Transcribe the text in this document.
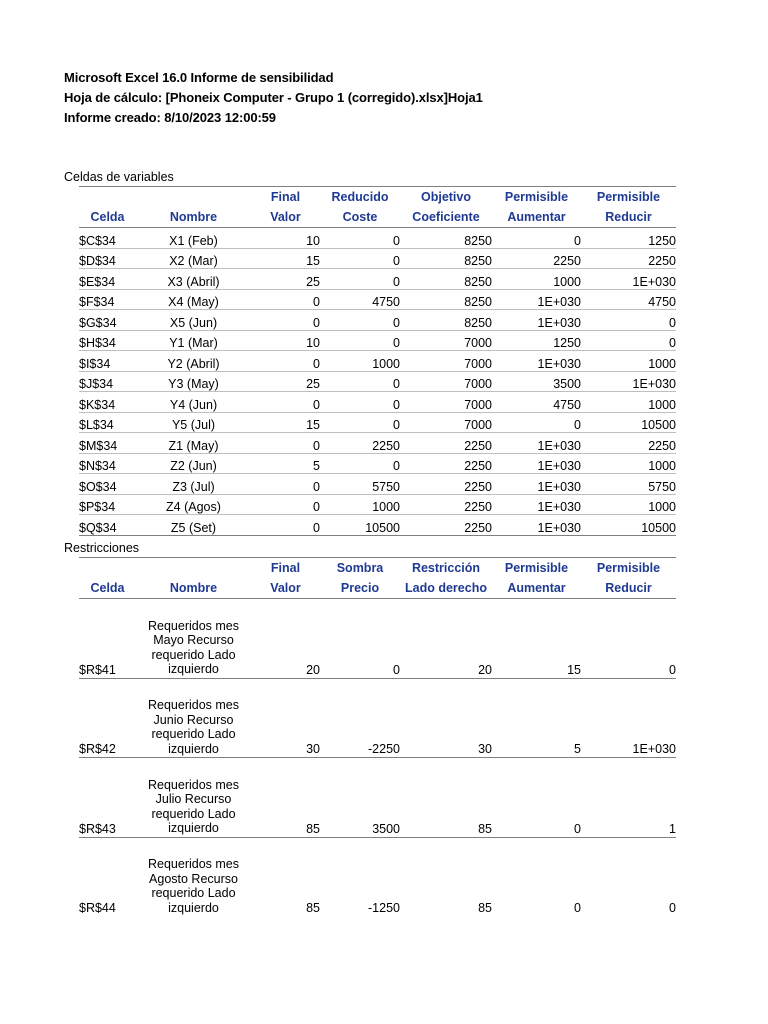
Microsoft Excel 16.0 Informe de sensibilidad
Hoja de cálculo: [Phoneix Computer - Grupo 1 (corregido).xlsx]Hoja1
Informe creado: 8/10/2023 12:00:59
Celdas de variables
		Final	Reducido	Objetivo	Permisible	Permisible
Celda	Nombre	Valor	Coste	Coeficiente	Aumentar	Reducir
$C$34	X1 (Feb)	10	0	8250	0	1250
$D$34	X2 (Mar)	15	0	8250	2250	2250
$E$34	X3 (Abril)	25	0	8250	1000	1E+030
$F$34	X4 (May)	0	4750	8250	1E+030	4750
$G$34	X5 (Jun)	0	0	8250	1E+030	0
$H$34	Y1 (Mar)	10	0	7000	1250	0
$I$34	Y2 (Abril)	0	1000	7000	1E+030	1000
$J$34	Y3 (May)	25	0	7000	3500	1E+030
$K$34	Y4 (Jun)	0	0	7000	4750	1000
$L$34	Y5 (Jul)	15	0	7000	0	10500
$M$34	Z1 (May)	0	2250	2250	1E+030	2250
$N$34	Z2 (Jun)	5	0	2250	1E+030	1000
$O$34	Z3 (Jul)	0	5750	2250	1E+030	5750
$P$34	Z4 (Agos)	0	1000	2250	1E+030	1000
$Q$34	Z5 (Set)	0	10500	2250	1E+030	10500
Restricciones
		Final	Sombra	Restricción	Permisible	Permisible
Celda	Nombre	Valor	Precio	Lado derecho	Aumentar	Reducir
$R$41	Requeridos mes Mayo Recurso requerido Lado izquierdo	20	0	20	15	0
$R$42	Requeridos mes Junio Recurso requerido Lado izquierdo	30	-2250	30	5	1E+030
$R$43	Requeridos mes Julio Recurso requerido Lado izquierdo	85	3500	85	0	1
$R$44	Requeridos mes Agosto Recurso requerido Lado izquierdo	85	-1250	85	0	0
